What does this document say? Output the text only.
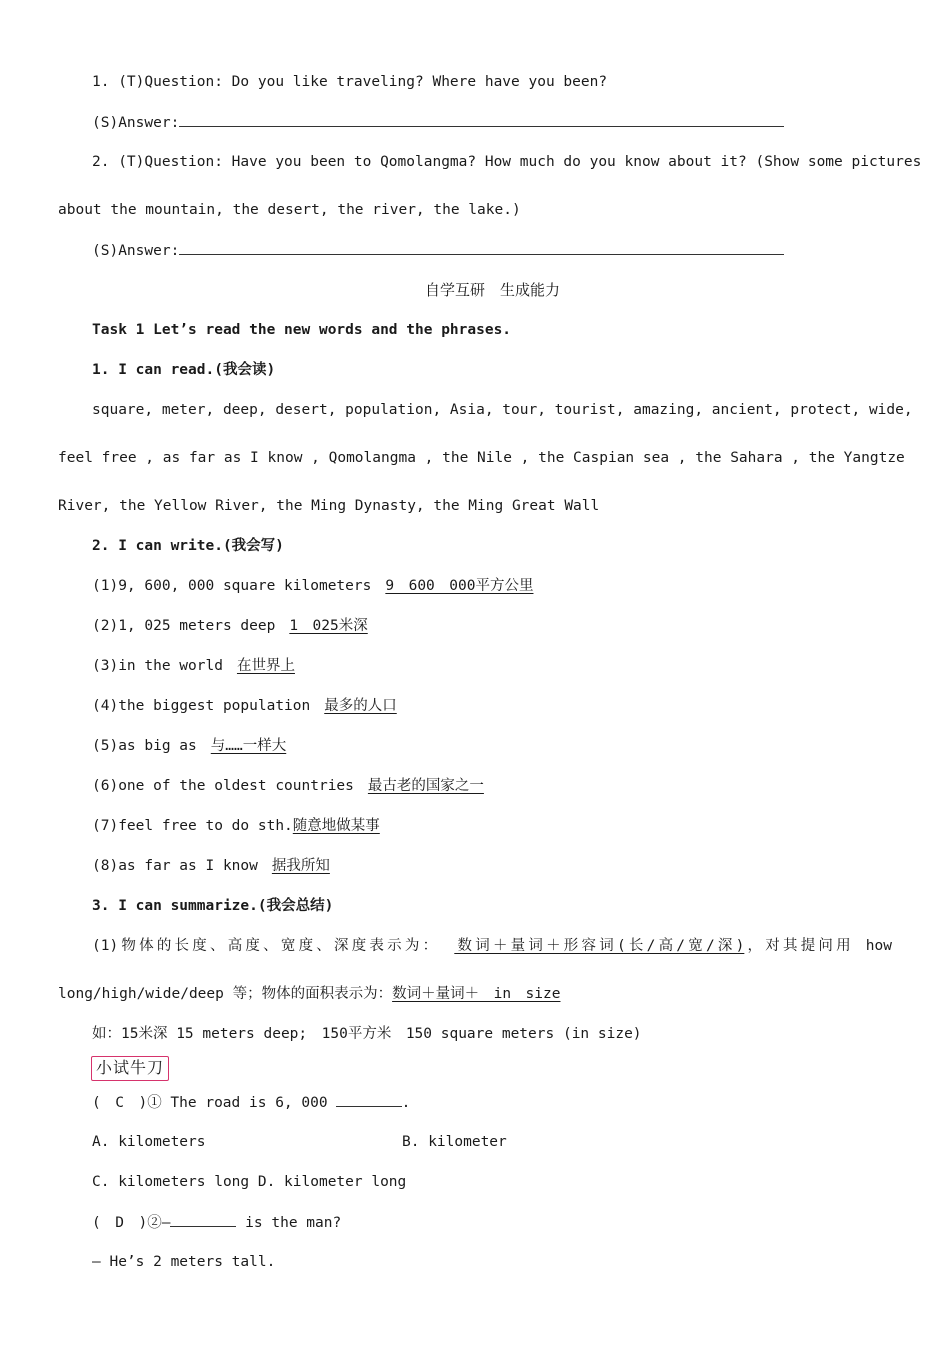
1. (T)Question: Do you like traveling? Where have you been?
(S)Answer:
2. (T)Question: Have you been to Qomolangma? How much do you know about it? (Show some pictures
about the mountain, the desert, the river, the lake.)
(S)Answer:
自学互研　生成能力
Task 1 Let’s read the new words and the phrases.
1. I can read.(我会读)
square, meter, deep, desert, population, Asia, tour, tourist, amazing, ancient, protect, wide,
feel free , as far as I know , Qomolangma , the Nile , the Caspian sea , the Sahara , the Yangtze
River, the Yellow River, the Ming Dynasty, the Ming Great Wall
2. I can write.(我会写)
(1)9, 600, 000 square kilometers 9　600　000平方公里
(2)1, 025 meters deep 1　025米深
(3)in the world 在世界上
(4)the biggest population 最多的人口
(5)as big as 与……一样大
(6)one of the oldest countries 最古老的国家之一
(7)feel free to do sth.随意地做某事
(8)as far as I know 据我所知
3. I can summarize.(我会总结)
(1)物体的长度、高度、宽度、深度表示为： 数词＋量词＋形容词(长/高/宽/深)，对其提问用 how
long/high/wide/deep 等；物体的面积表示为：数词＋量词＋　in　size
如：15米深 15 meters deep;　150平方米　150 square meters (in size)
小试牛刀
(　C　)① The road is 6, 000	.
A. kilometers	B. kilometer
C. kilometers long D. kilometer long
(　D　)②—	is the man?
— He’s 2 meters tall.
